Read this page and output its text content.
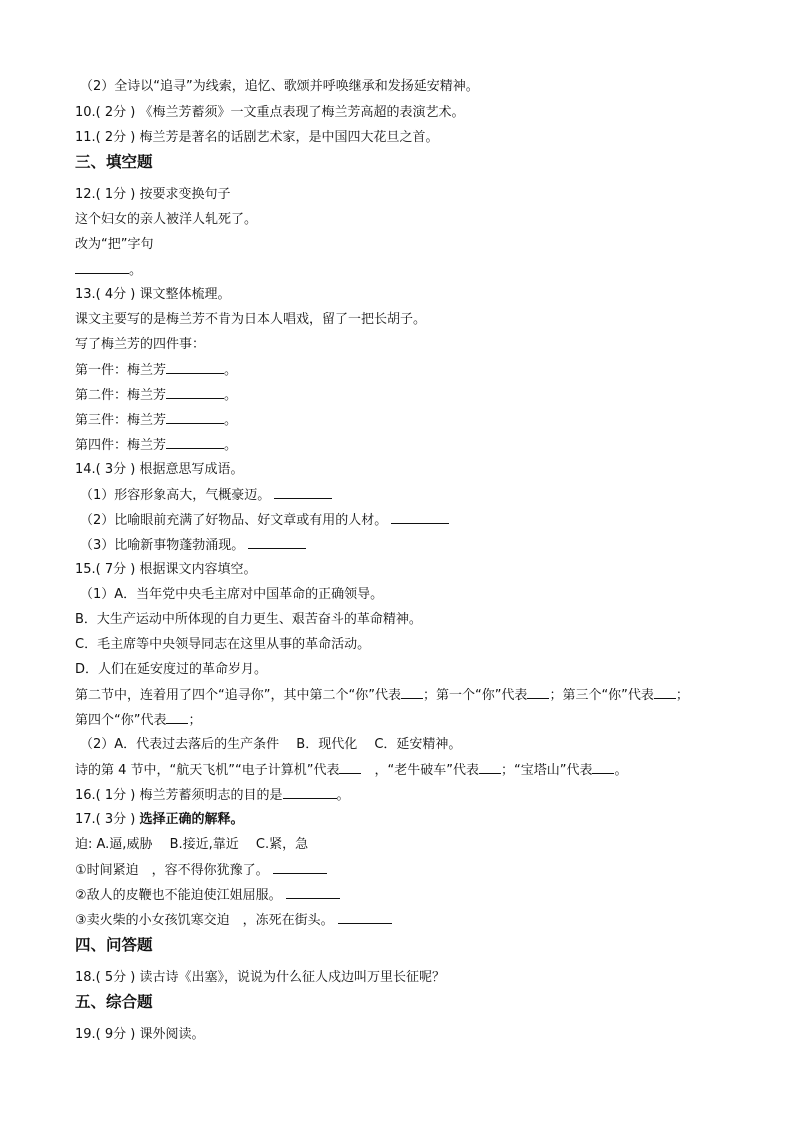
（2）全诗以“追寻”为线索，追忆、歌颂并呼唤继承和发扬延安精神。
10.( 2分 ) 《梅兰芳蓄须》一文重点表现了梅兰芳高超的表演艺术。
11.( 2分 ) 梅兰芳是著名的话剧艺术家，是中国四大花旦之首。
三、填空题
12.( 1分 ) 按要求变换句子
这个妇女的亲人被洋人轧死了。
改为“把”字句
。
13.( 4分 ) 课文整体梳理。
课文主要写的是梅兰芳不肯为日本人唱戏，留了一把长胡子。
写了梅兰芳的四件事：
第一件：梅兰芳	。
第二件：梅兰芳	。
第三件：梅兰芳	。
第四件：梅兰芳	。
14.( 3分 ) 根据意思写成语。
（1）形容形象高大，气概豪迈。
（2）比喻眼前充满了好物品、好文章或有用的人材。
（3）比喻新事物蓬勃涌现。
15.( 7分 ) 根据课文内容填空。
（1）A．当年党中央毛主席对中国革命的正确领导。
B．大生产运动中所体现的自力更生、艰苦奋斗的革命精神。
C．毛主席等中央领导同志在这里从事的革命活动。
D．人们在延安度过的革命岁月。
第二节中，连着用了四个“追寻你”，其中第二个“你”代表 ；第一个“你”代表 ；第三个“你”代表 ；
第四个“你”代表 ；
（2）A．代表过去落后的生产条件　 B．现代化　 C．延安精神。
诗的第 4 节中，“航天飞机”“电子计算机”代表　，“老牛破车”代表 ；“宝塔山”代表 。
16.( 1分 ) 梅兰芳蓄须明志的目的是	。
17.( 3分 ) 选择正确的解释。
迫: A.逼,威胁　 B.接近,靠近　 C.紧，急
①时间紧迫　，容不得你犹豫了。
②敌人的皮鞭也不能迫使江姐屈服。
③卖火柴的小女孩饥寒交迫　，冻死在街头。
四、问答题
18.( 5分 ) 读古诗《出塞》，说说为什么征人戍边叫万里长征呢？
五、综合题
19.( 9分 ) 课外阅读。
